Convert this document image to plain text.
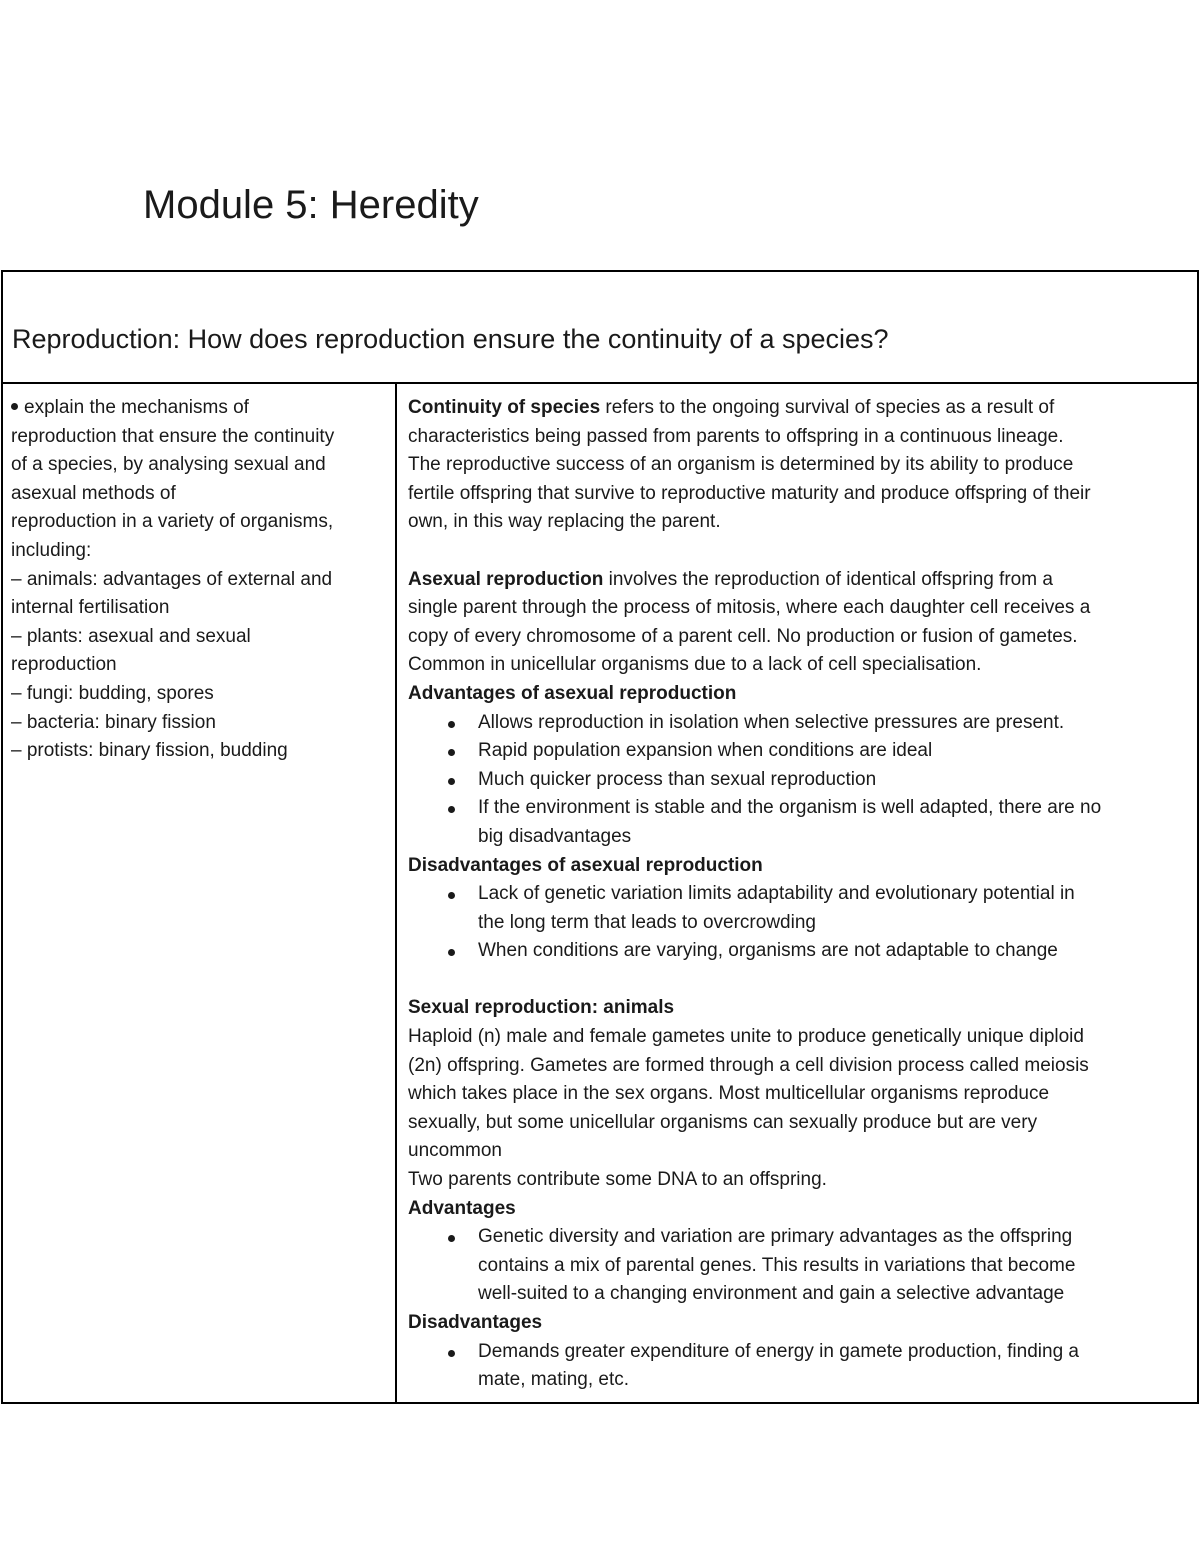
Module 5: Heredity
Reproduction: How does reproduction ensure the continuity of a species?
explain the mechanisms of
reproduction that ensure the continuity
of a species, by analysing sexual and
asexual methods of
reproduction in a variety of organisms,
including:
– animals: advantages of external and
internal fertilisation
– plants: asexual and sexual
reproduction
– fungi: budding, spores
– bacteria: binary fission
– protists: binary fission, budding
Continuity of species refers to the ongoing survival of species as a result of
characteristics being passed from parents to offspring in a continuous lineage.
The reproductive success of an organism is determined by its ability to produce
fertile offspring that survive to reproductive maturity and produce offspring of their
own, in this way replacing the parent.
Asexual reproduction involves the reproduction of identical offspring from a
single parent through the process of mitosis, where each daughter cell receives a
copy of every chromosome of a parent cell. No production or fusion of gametes.
Common in unicellular organisms due to a lack of cell specialisation.
Advantages of asexual reproduction
Allows reproduction in isolation when selective pressures are present.
Rapid population expansion when conditions are ideal
Much quicker process than sexual reproduction
If the environment is stable and the organism is well adapted, there are no
big disadvantages
Disadvantages of asexual reproduction
Lack of genetic variation limits adaptability and evolutionary potential in
the long term that leads to overcrowding
When conditions are varying, organisms are not adaptable to change
Sexual reproduction: animals
Haploid (n) male and female gametes unite to produce genetically unique diploid
(2n) offspring. Gametes are formed through a cell division process called meiosis
which takes place in the sex organs. Most multicellular organisms reproduce
sexually, but some unicellular organisms can sexually produce but are very
uncommon
Two parents contribute some DNA to an offspring.
Advantages
Genetic diversity and variation are primary advantages as the offspring
contains a mix of parental genes. This results in variations that become
well-suited to a changing environment and gain a selective advantage
Disadvantages
Demands greater expenditure of energy in gamete production, finding a
mate, mating, etc.
